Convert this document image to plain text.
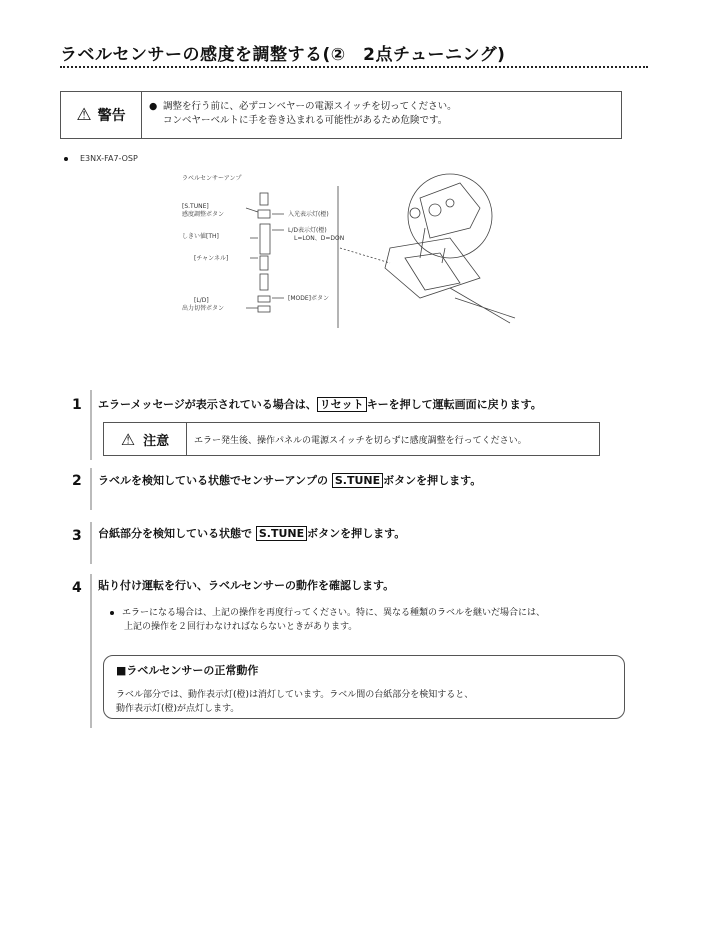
ラベルセンサーの感度を調整する(②　2点チューニング)
⚠ 警告
● 調整を行う前に、必ずコンベヤーの電源スイッチを切ってください。
コンベヤーベルトに手を巻き込まれる可能性があるため危険です。
E3NX-FA7-OSP
ラベルセンサーアンプ
[S.TUNE]
感度調整ボタン
しきい値[TH]
[チャンネル]
[L/D]
出力切替ボタン
入光表示灯(橙)
L/D表示灯(橙)
L=LON、D=DON
[MODE]ボタン
1 エラーメッセージが表示されている場合は、 リセット キーを押して運転画面に戻ります。
⚠ 注意	エラー発生後、操作パネルの電源スイッチを切らずに感度調整を行ってください。
2 ラベルを検知している状態でセンサーアンプの S.TUNE ボタンを押します。
3 台紙部分を検知している状態で S.TUNE ボタンを押します。
4 貼り付け運転を行い、ラベルセンサーの動作を確認します。
エラーになる場合は、上記の操作を再度行ってください。特に、異なる種類のラベルを継いだ場合には、
上記の操作を２回行わなければならないときがあります。
■ラベルセンサーの正常動作
ラベル部分では、動作表示灯(橙)は消灯しています。ラベル間の台紙部分を検知すると、
動作表示灯(橙)が点灯します。
